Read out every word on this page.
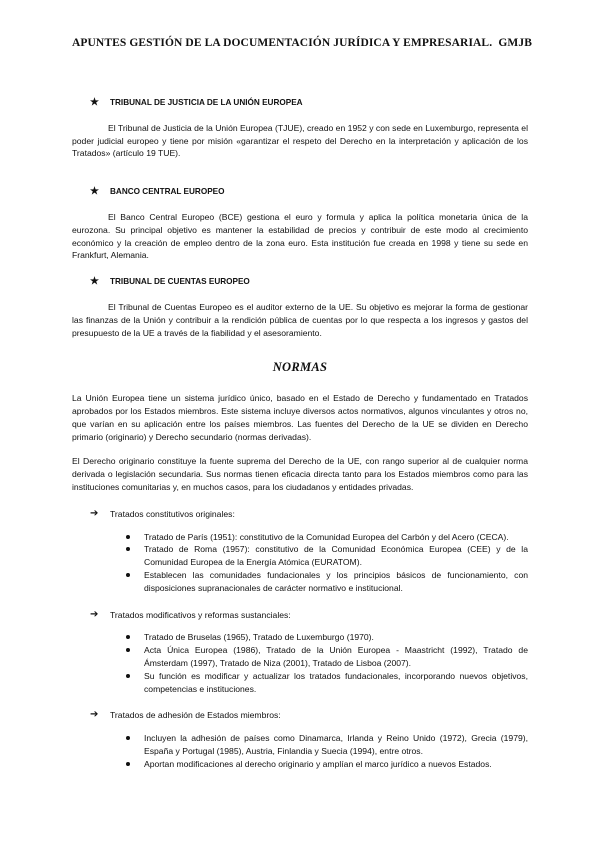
APUNTES GESTIÓN DE LA DOCUMENTACIÓN JURÍDICA Y EMPRESARIAL. GMJB
★	TRIBUNAL DE JUSTICIA DE LA UNIÓN EUROPEA

El Tribunal de Justicia de la Unión Europea (TJUE), creado en 1952 y con sede en Luxemburgo, representa el poder judicial europeo y tiene por misión «garantizar el respeto del Derecho en la interpretación y aplicación de los Tratados» (artículo 19 TUE).

★	BANCO CENTRAL EUROPEO

El Banco Central Europeo (BCE) gestiona el euro y formula y aplica la política monetaria única de la eurozona. Su principal objetivo es mantener la estabilidad de precios y contribuir de este modo al crecimiento económico y la creación de empleo dentro de la zona euro. Esta institución fue creada en 1998 y tiene su sede en Frankfurt, Alemania.

★	TRIBUNAL DE CUENTAS EUROPEO

El Tribunal de Cuentas Europeo es el auditor externo de la UE. Su objetivo es mejorar la forma de gestionar las finanzas de la Unión y contribuir a la rendición pública de cuentas por lo que respecta a los ingresos y gastos del presupuesto de la UE a través de la fiabilidad y el asesoramiento.

NORMAS

La Unión Europea tiene un sistema jurídico único, basado en el Estado de Derecho y fundamentado en Tratados aprobados por los Estados miembros. Este sistema incluye diversos actos normativos, algunos vinculantes y otros no, que varían en su aplicación entre los países miembros. Las fuentes del Derecho de la UE se dividen en Derecho primario (originario) y Derecho secundario (normas derivadas).

El Derecho originario constituye la fuente suprema del Derecho de la UE, con rango superior al de cualquier norma derivada o legislación secundaria. Sus normas tienen eficacia directa tanto para los Estados miembros como para las instituciones comunitarias y, en muchos casos, para los ciudadanos y entidades privadas.

➔	Tratados constitutivos originales:
Tratado de París (1951): constitutivo de la Comunidad Europea del Carbón y del Acero (CECA).
Tratado de Roma (1957): constitutivo de la Comunidad Económica Europea (CEE) y de la Comunidad Europea de la Energía Atómica (EURATOM).
Establecen las comunidades fundacionales y los principios básicos de funcionamiento, con disposiciones supranacionales de carácter normativo e institucional.
➔	Tratados modificativos y reformas sustanciales:
Tratado de Bruselas (1965), Tratado de Luxemburgo (1970).
Acta Única Europea (1986), Tratado de la Unión Europea - Maastricht (1992), Tratado de Ámsterdam (1997), Tratado de Niza (2001), Tratado de Lisboa (2007).
Su función es modificar y actualizar los tratados fundacionales, incorporando nuevos objetivos, competencias e instituciones.
➔	Tratados de adhesión de Estados miembros:
Incluyen la adhesión de países como Dinamarca, Irlanda y Reino Unido (1972), Grecia (1979), España y Portugal (1985), Austria, Finlandia y Suecia (1994), entre otros.
Aportan modificaciones al derecho originario y amplían el marco jurídico a nuevos Estados.
